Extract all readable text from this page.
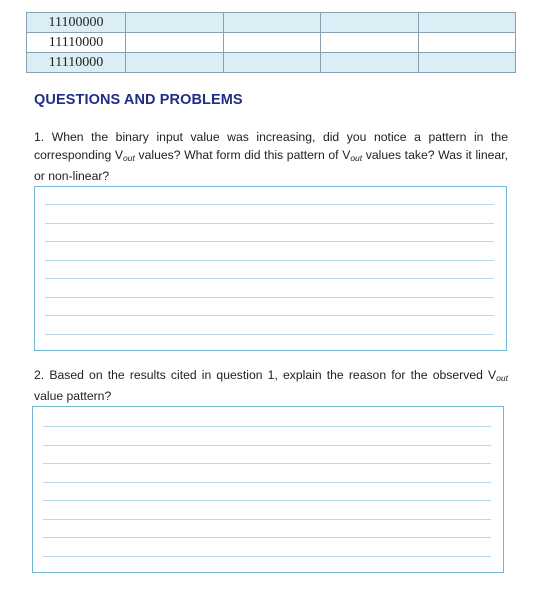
11100000				
11110000				
11110000				
QUESTIONS AND PROBLEMS
1. When the binary input value was increasing, did you notice a pattern in the corresponding $V_{out}$ values? What form did this pattern of $V_{out}$ values take? Was it linear, or non-linear?
2. Based on the results cited in question 1, explain the reason for the observed $V_{out}$ value pattern?
